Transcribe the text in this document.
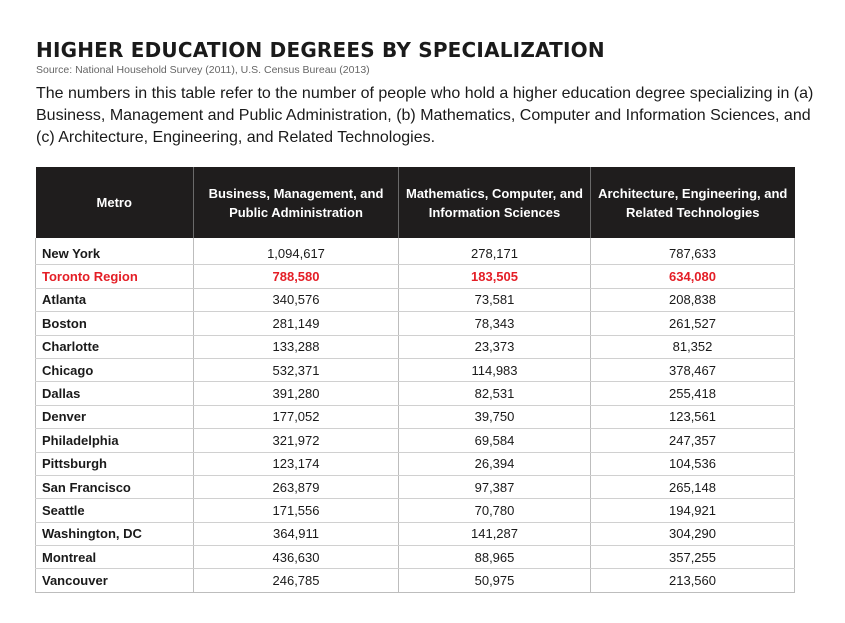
HIGHER EDUCATION DEGREES BY SPECIALIZATION
Source: National Household Survey (2011), U.S. Census Bureau (2013)
The numbers in this table refer to the number of people who hold a higher education degree specializing in (a) Business, Management and Public Administration, (b) Mathematics, Computer and Information Sciences, and (c) Architecture, Engineering, and Related Technologies.
Metro	Business, Management, and Public Administration	Mathematics, Computer, and Information Sciences	Architecture, Engineering, and Related Technologies
New York	1,094,617	278,171	787,633
Toronto Region	788,580	183,505	634,080
Atlanta	340,576	73,581	208,838
Boston	281,149	78,343	261,527
Charlotte	133,288	23,373	81,352
Chicago	532,371	114,983	378,467
Dallas	391,280	82,531	255,418
Denver	177,052	39,750	123,561
Philadelphia	321,972	69,584	247,357
Pittsburgh	123,174	26,394	104,536
San Francisco	263,879	97,387	265,148
Seattle	171,556	70,780	194,921
Washington, DC	364,911	141,287	304,290
Montreal	436,630	88,965	357,255
Vancouver	246,785	50,975	213,560
